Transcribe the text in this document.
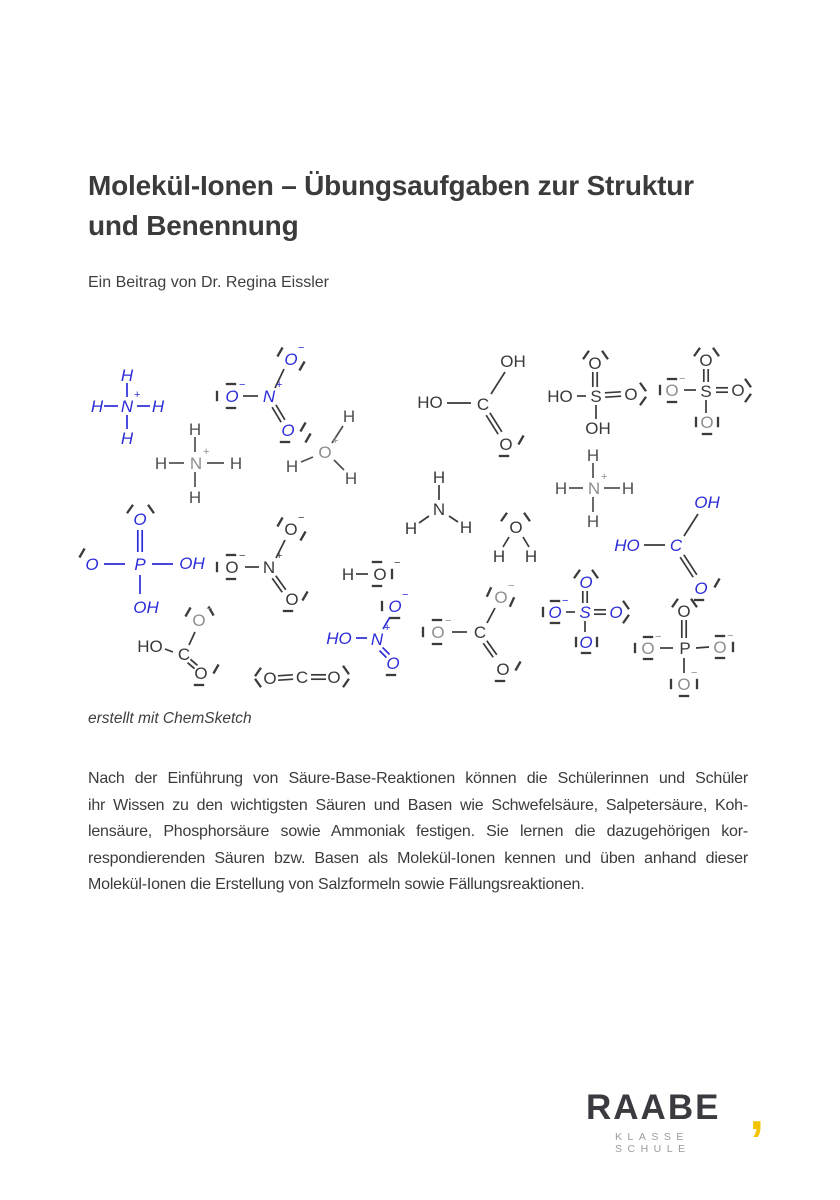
Molekül-Ionen – Übungsaufgaben zur Struktur
und Benennung
Ein Beitrag von Dr. Regina Eissler
H
H N
+
H
H
O
−
O
−
N
+
O
OH
HO C
O
O
HO S O
OH
O
O
−
S O
O
H
H N
+
H
H
H
H
O
+
H	H
N
H	H O
H H
H
H N
+
H
H
OH
HO C
O
O
O P OH
OH
O
−
O
−
N
+
O
H O
−
O
−
HO N
+
O
HO C
O
−
O
O
−
O
−
C
O
O C O
O
O
−
S O
O
O
O
−
P O
−
O
−
erstellt mit ChemSketch
Nach der Einführung von Säure-Base-Reaktionen können die Schülerinnen und Schüler
ihr Wissen zu den wichtigsten Säuren und Basen wie Schwefelsäure, Salpetersäure, Koh-
lensäure, Phosphorsäure sowie Ammoniak festigen. Sie lernen die dazugehörigen kor-
respondierenden Säuren bzw. Basen als Molekül-Ionen kennen und üben anhand dieser
Molekül-Ionen die Erstellung von Salzformeln sowie Fällungsreaktionen.
RAABE ,
KLASSE SCHULE
